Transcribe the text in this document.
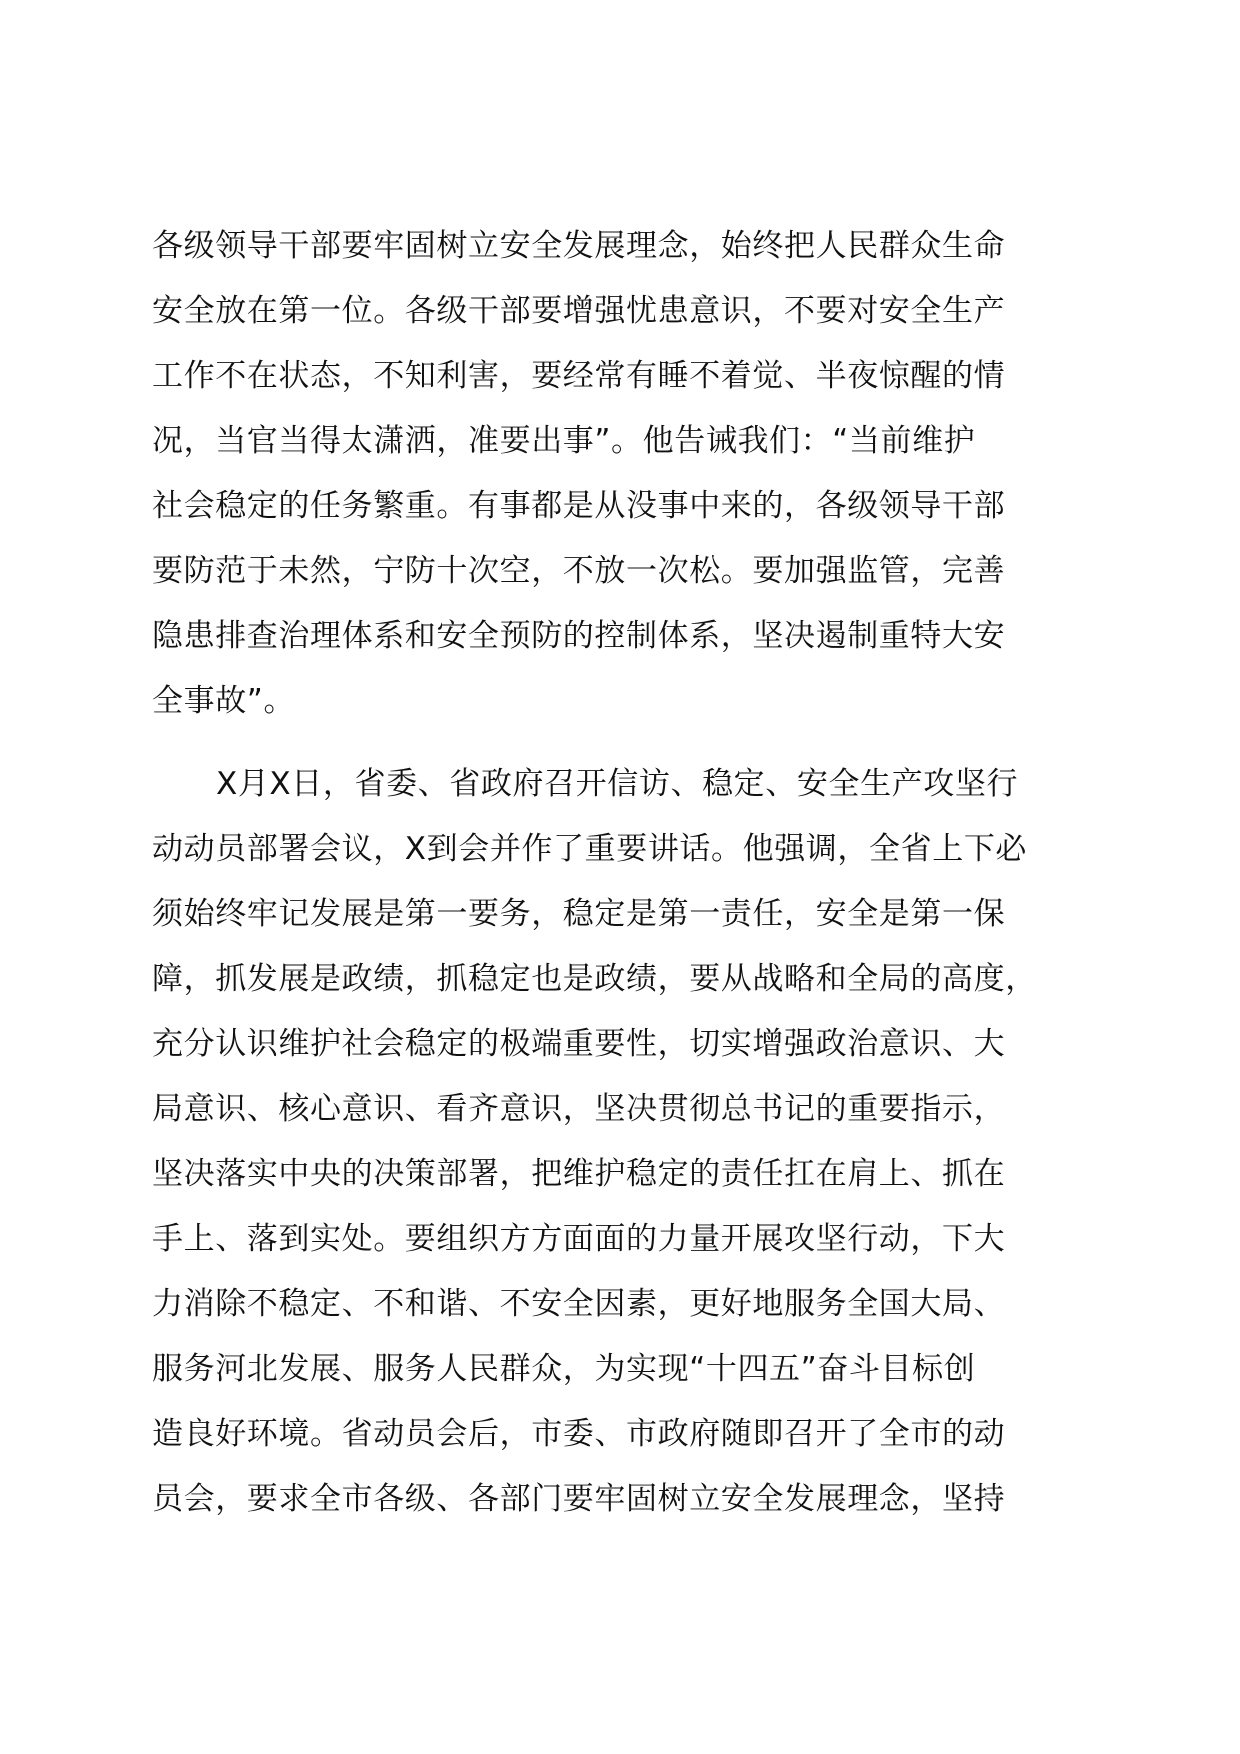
各级领导干部要牢固树立安全发展理念，始终把人民群众生命
安全放在第一位。各级干部要增强忧患意识，不要对安全生产
工作不在状态，不知利害，要经常有睡不着觉、半夜惊醒的情
况，当官当得太潇洒，准要出事”。他告诫我们：“当前维护
社会稳定的任务繁重。有事都是从没事中来的，各级领导干部
要防范于未然，宁防十次空，不放一次松。要加强监管，完善
隐患排查治理体系和安全预防的控制体系，坚决遏制重特大安
全事故”。
X月X日，省委、省政府召开信访、稳定、安全生产攻坚行
动动员部署会议，X到会并作了重要讲话。他强调，全省上下必
须始终牢记发展是第一要务，稳定是第一责任，安全是第一保
障，抓发展是政绩，抓稳定也是政绩，要从战略和全局的高度，
充分认识维护社会稳定的极端重要性，切实增强政治意识、大
局意识、核心意识、看齐意识，坚决贯彻总书记的重要指示，
坚决落实中央的决策部署，把维护稳定的责任扛在肩上、抓在
手上、落到实处。要组织方方面面的力量开展攻坚行动，下大
力消除不稳定、不和谐、不安全因素，更好地服务全国大局、
服务河北发展、服务人民群众，为实现“十四五”奋斗目标创
造良好环境。省动员会后，市委、市政府随即召开了全市的动
员会，要求全市各级、各部门要牢固树立安全发展理念，坚持
